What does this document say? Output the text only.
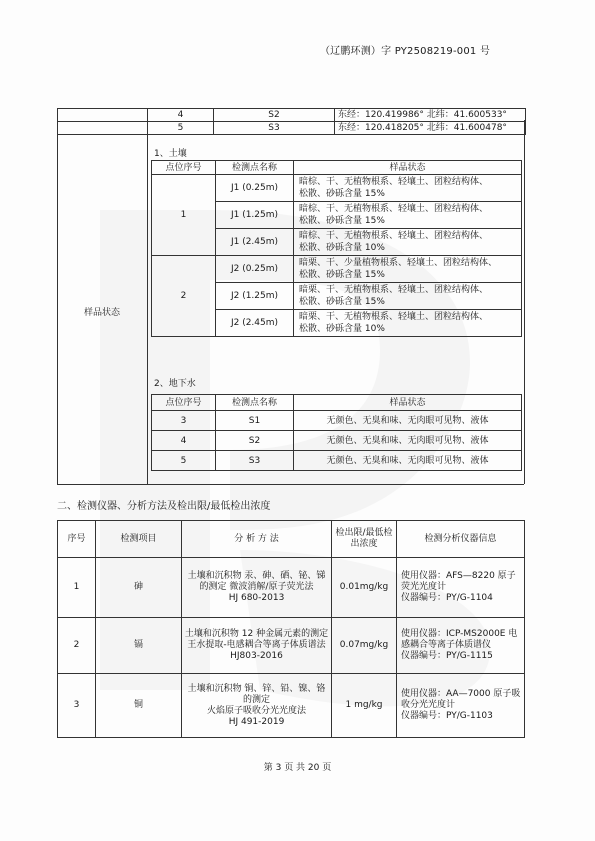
（辽鹏环测）字 PY2508219-001 号
	4	S2	东经：120.419986° 北纬：41.600533°
	5	S3	东经：120.418205° 北纬：41.600478°
样品状态
1、土壤
点位序号	检测点名称	样品状态
1	J1 (0.25m)	暗棕、干、无植物根系、轻壤土、团粒结构体、
松散、砂砾含量 15%
	J1 (1.25m)	暗棕、干、无植物根系、轻壤土、团粒结构体、
松散、砂砾含量 15%
	J1 (2.45m)	暗棕、干、无植物根系、轻壤土、团粒结构体、
松散、砂砾含量 10%
2	J2 (0.25m)	暗栗、干、少量植物根系、轻壤土、团粒结构体、
松散、砂砾含量 15%
	J2 (1.25m)	暗栗、干、无植物根系、轻壤土、团粒结构体、
松散、砂砾含量 15%
	J2 (2.45m)	暗栗、干、无植物根系、轻壤土、团粒结构体、
松散、砂砾含量 10%
2、地下水
点位序号	检测点名称	样品状态
3	S1	无颜色、无臭和味、无肉眼可见物、液体
4	S2	无颜色、无臭和味、无肉眼可见物、液体
5	S3	无颜色、无臭和味、无肉眼可见物、液体
二、检测仪器、分析方法及检出限/最低检出浓度
序号	检测项目	分 析 方 法	检出限/最低检出浓度	检测分析仪器信息
1	砷	土壤和沉积物 汞、砷、硒、铋、锑的测定 微波消解/原子荧光法
HJ 680-2013	0.01mg/kg	使用仪器：AFS—8220 原子荧光光度计
仪器编号：PY/G-1104
2	镉	土壤和沉积物 12 种金属元素的测定 王水提取-电感耦合等离子体质谱法
HJ803-2016	0.07mg/kg	使用仪器：ICP-MS2000E 电感耦合等离子体质谱仪
仪器编号：PY/G-1115
3	铜	土壤和沉积物 铜、锌、铅、镍、铬的测定
火焰原子吸收分光光度法
HJ 491-2019	1 mg/kg	使用仪器：AA—7000 原子吸收分光光度计
仪器编号：PY/G-1103
第 3 页 共 20 页
